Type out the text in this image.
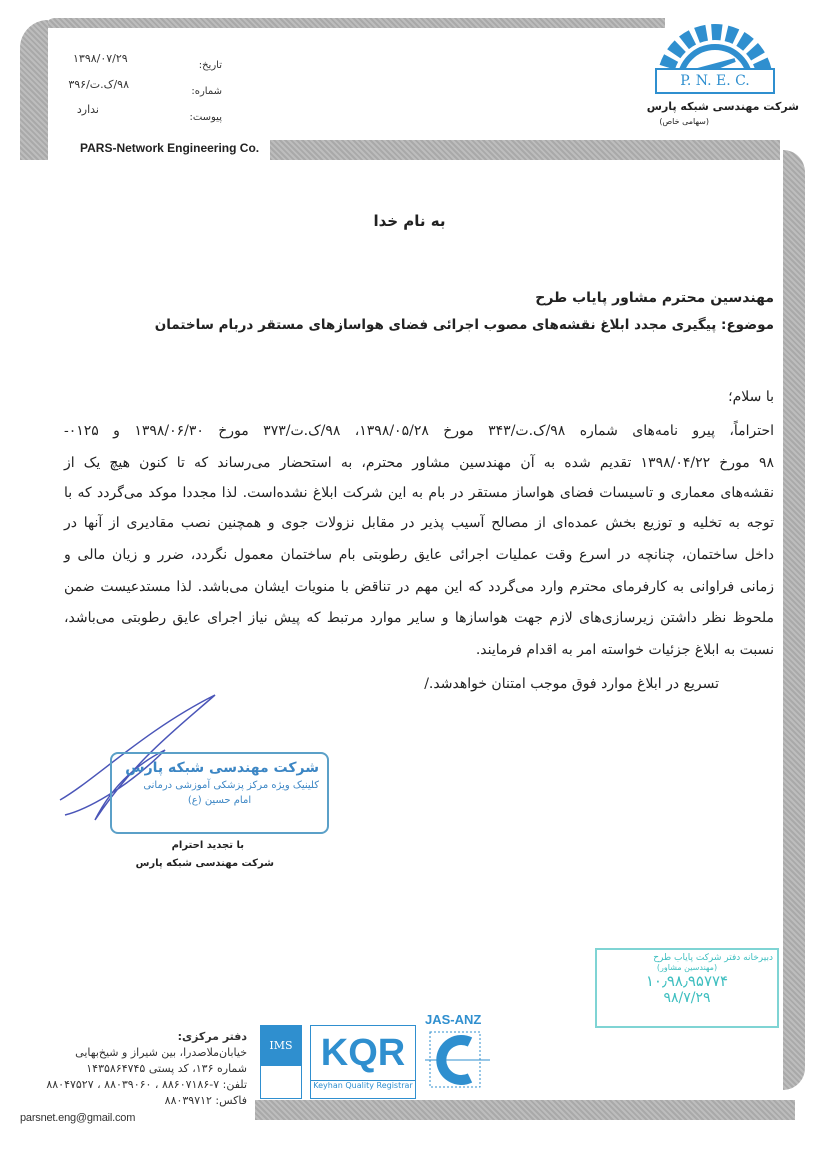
P. N. E. C.
شرکت مهندسی شبکه پارس
(سهامی خاص)
PARS-Network Engineering Co.
تاریخ:
۱۳۹۸/۰۷/۲۹
شماره:
۹۸/ک.ت/۳۹۶
پیوست:
ندارد
به نام خدا
مهندسین محترم مشاور پایاب طرح
موضوع: پیگیری مجدد ابلاغ نقشه‌های مصوب اجرائی فضای هواسازهای مستقر دربام ساختمان
با سلام؛
احتراماً، پیرو نامه‌های شماره ۹۸/ک.ت/۳۴۳ مورخ ۱۳۹۸/۰۵/۲۸، ۹۸/ک.ت/۳۷۳ مورخ ۱۳۹۸/۰۶/۳۰ و ۰۱۲۵-
۹۸ مورخ ۱۳۹۸/۰۴/۲۲ تقدیم شده به آن مهندسین مشاور محترم، به استحضار می‌رساند که تا کنون هیچ یک از
نقشه‌های معماری و تاسیسات فضای هواساز مستقر در بام به این شرکت ابلاغ نشده‌است. لذا مجددا موکد می‌گردد که با
توجه به تخلیه و توزیع بخش عمده‌ای از مصالح آسیب پذیر در مقابل نزولات جوی و همچنین نصب مقادیری از آنها در
داخل ساختمان، چنانچه در اسرع وقت عملیات اجرائی عایق رطوبتی بام ساختمان معمول نگردد، ضرر و زیان مالی و
زمانی فراوانی به کارفرمای محترم وارد می‌گردد که این مهم در تناقض با منویات ایشان می‌باشد. لذا مستدعیست ضمن
ملحوظ نظر داشتن زیرسازی‌های لازم جهت هواسازها و سایر موارد مرتبط که پیش نیاز اجرای عایق رطوبتی می‌باشد،
نسبت به ابلاغ جزئیات خواسته امر به اقدام فرمایند.
تسریع در ابلاغ موارد فوق موجب امتنان خواهدشد./
شرکت مهندسی شبکه پارس
کلینیک ویژه مرکز پزشکی آموزشی درمانی
امام حسین (ع)
با تجدید احترام
شرکت مهندسی شبکه پارس
دبیرخانه دفتر شرکت پایاب طرح
(مهندسین مشاور)
۱۰٫۹۸٫۹۵۷۷۴
۹۸/۷/۲۹
دفتر مرکزی:
خیابان‌ملاصدرا، بین شیراز و شیخ‌بهایی
شماره ۱۳۶، کد پستی ۱۴۳۵۸۶۴۷۴۵
تلفن: ۷-۸۸۶۰۷۱۸۶ ، ۸۸۰۳۹۰۶۰ ، ۸۸۰۴۷۵۲۷
فاکس: ۸۸۰۳۹۷۱۲
parsnet.eng@gmail.com
IMS KQR
Keyhan Quality Registrar
JAS-ANZ
